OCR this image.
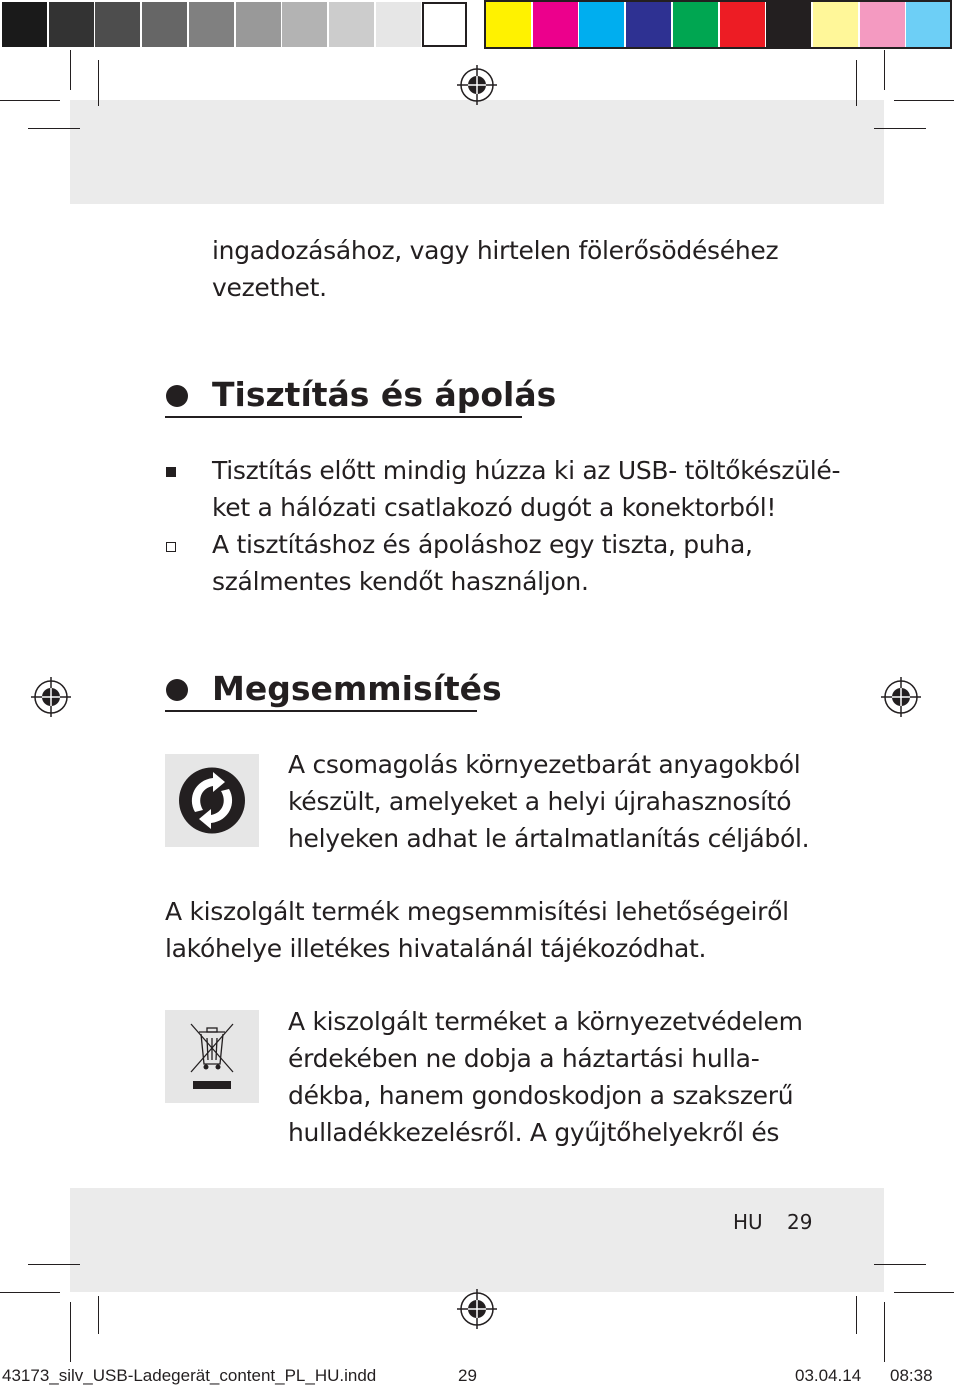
ingadozásához, vagy hirtelen fölerősödéséhez
vezethet.
Tisztítás és ápolás
Tisztítás előtt mindig húzza ki az USB- töltőkészülé-
ket a hálózati csatlakozó dugót a konektorból!
A tisztításhoz és ápoláshoz egy tiszta, puha,
szálmentes kendőt használjon.
Megsemmisítés
A csomagolás környezetbarát anyagokból
készült, amelyeket a helyi újrahasznosító
helyeken adhat le ártalmatlanítás céljából.
A kiszolgált termék megsemmisítési lehetőségeiről
lakóhelye illetékes hivatalánál tájékozódhat.
A kiszolgált terméket a környezetvédelem
érdekében ne dobja a háztartási hulla-
dékba, hanem gondoskodjon a szakszerű
hulladékkezelésről. A gyűjtőhelyekről és
HU 29
43173_silv_USB-Ladegerät_content_PL_HU.indd	29	03.04.14 08:38
